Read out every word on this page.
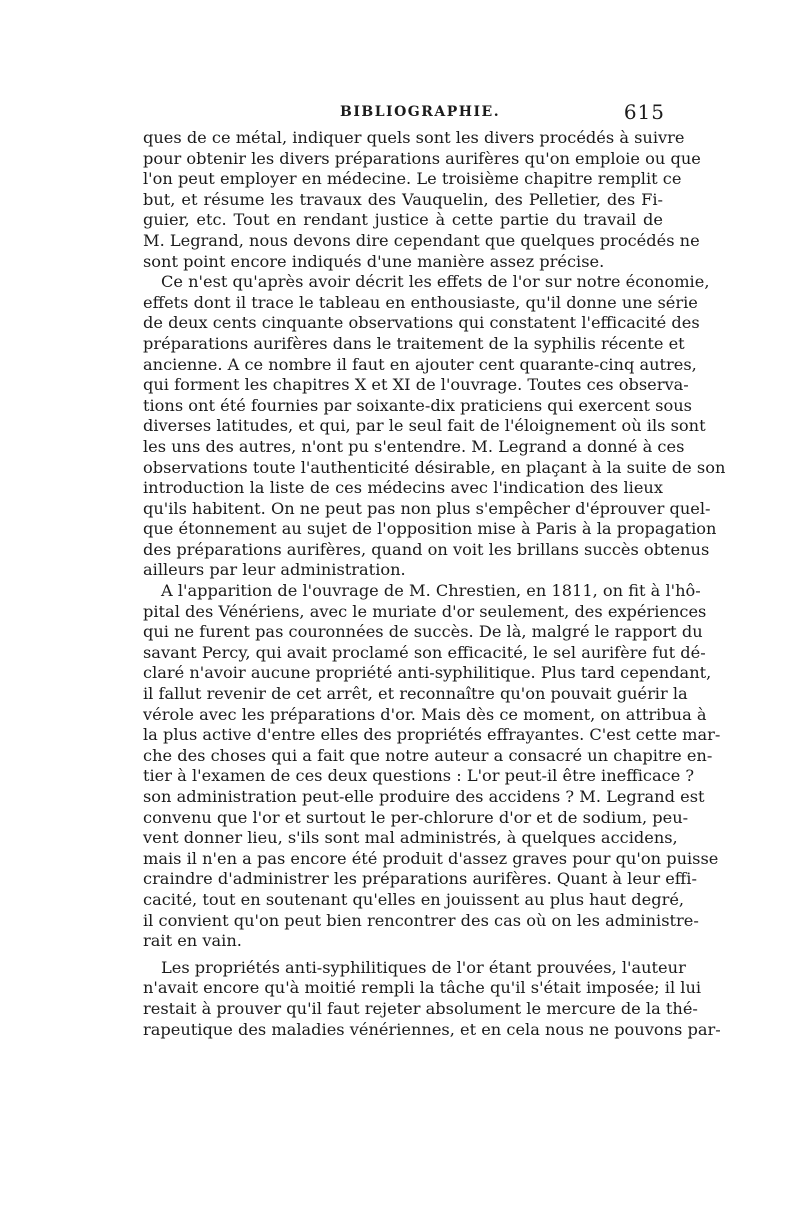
BIBLIOGRAPHIE.	615

ques de ce métal, indiquer quels sont les divers procédés à suivre
pour obtenir les divers préparations aurifères qu'on emploie ou que
l'on peut employer en médecine. Le troisième chapitre remplit ce
but, et résume les travaux des Vauquelin, des Pelletier, des Fi-
guier, etc. Tout en rendant justice à cette partie du travail de
M. Legrand, nous devons dire cependant que quelques procédés ne
sont point encore indiqués d'une manière assez précise.

Ce n'est qu'après avoir décrit les effets de l'or sur notre économie,
effets dont il trace le tableau en enthousiaste, qu'il donne une série
de deux cents cinquante observations qui constatent l'efficacité des
préparations aurifères dans le traitement de la syphilis récente et
ancienne. A ce nombre il faut en ajouter cent quarante-cinq autres,
qui forment les chapitres X et XI de l'ouvrage. Toutes ces observa-
tions ont été fournies par soixante-dix praticiens qui exercent sous
diverses latitudes, et qui, par le seul fait de l'éloignement où ils sont
les uns des autres, n'ont pu s'entendre. M. Legrand a donné à ces
observations toute l'authenticité désirable, en plaçant à la suite de son
introduction la liste de ces médecins avec l'indication des lieux
qu'ils habitent. On ne peut pas non plus s'empêcher d'éprouver quel-
que étonnement au sujet de l'opposition mise à Paris à la propagation
des préparations aurifères, quand on voit les brillans succès obtenus
ailleurs par leur administration.

A l'apparition de l'ouvrage de M. Chrestien, en 1811, on fit à l'hô-
pital des Vénériens, avec le muriate d'or seulement, des expériences
qui ne furent pas couronnées de succès. De là, malgré le rapport du
savant Percy, qui avait proclamé son efficacité, le sel aurifère fut dé-
claré n'avoir aucune propriété anti-syphilitique. Plus tard cependant,
il fallut revenir de cet arrêt, et reconnaître qu'on pouvait guérir la
vérole avec les préparations d'or. Mais dès ce moment, on attribua à
la plus active d'entre elles des propriétés effrayantes. C'est cette mar-
che des choses qui a fait que notre auteur a consacré un chapitre en-
tier à l'examen de ces deux questions : L'or peut-il être inefficace ?
son administration peut-elle produire des accidens ? M. Legrand est
convenu que l'or et surtout le per-chlorure d'or et de sodium, peu-
vent donner lieu, s'ils sont mal administrés, à quelques accidens,
mais il n'en a pas encore été produit d'assez graves pour qu'on puisse
craindre d'administrer les préparations aurifères. Quant à leur effi-
cacité, tout en soutenant qu'elles en jouissent au plus haut degré,
il convient qu'on peut bien rencontrer des cas où on les administre-
rait en vain.

Les propriétés anti-syphilitiques de l'or étant prouvées, l'auteur
n'avait encore qu'à moitié rempli la tâche qu'il s'était imposée; il lui
restait à prouver qu'il faut rejeter absolument le mercure de la thé-
rapeutique des maladies vénériennes, et en cela nous ne pouvons par-
